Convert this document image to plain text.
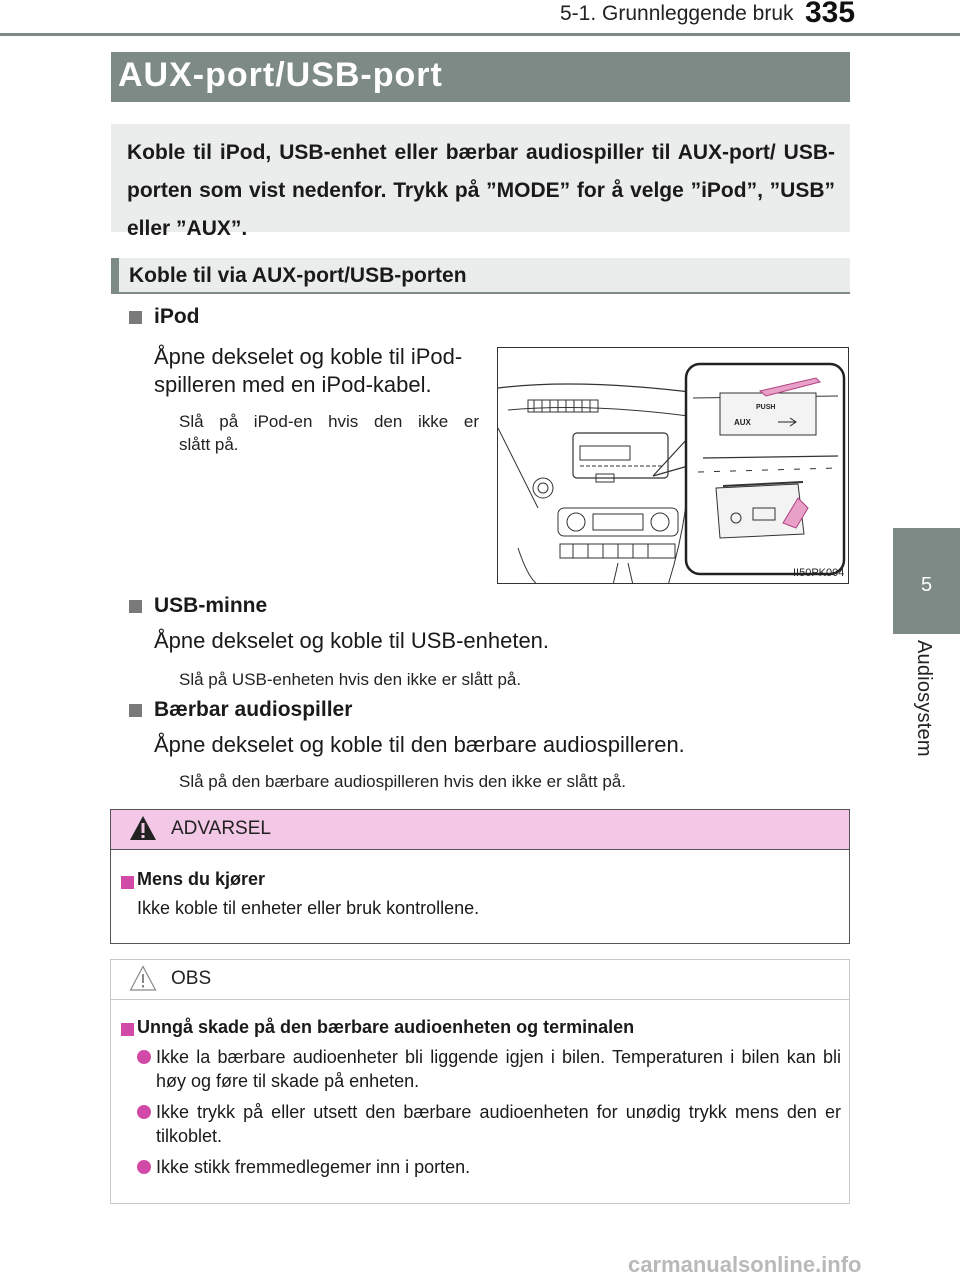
5-1. Grunnleggende bruk 335
5
Audiosystem
AUX-port/USB-port
Koble til iPod, USB-enhet eller bærbar audiospiller til AUX-port/ USB-porten som vist nedenfor. Trykk på ”MODE” for å velge ”iPod”, ”USB” eller ”AUX”.
Koble til via AUX-port/USB-porten
iPod
Åpne dekselet og koble til iPod-
spilleren med en iPod-kabel.
Slå på iPod-en hvis den ikke er
slått på.
PUSH
AUX
II50PK004
USB-minne
Åpne dekselet og koble til USB-enheten.
Slå på USB-enheten hvis den ikke er slått på.
Bærbar audiospiller
Åpne dekselet og koble til den bærbare audiospilleren.
Slå på den bærbare audiospilleren hvis den ikke er slått på.
ADVARSEL
Mens du kjører
Ikke koble til enheter eller bruk kontrollene.
OBS
Unngå skade på den bærbare audioenheten og terminalen
Ikke la bærbare audioenheter bli liggende igjen i bilen. Temperaturen i bilen kan bli høy og føre til skade på enheten.
Ikke trykk på eller utsett den bærbare audioenheten for unødig trykk mens den er tilkoblet.
Ikke stikk fremmedlegemer inn i porten.
carmanualsonline.info
